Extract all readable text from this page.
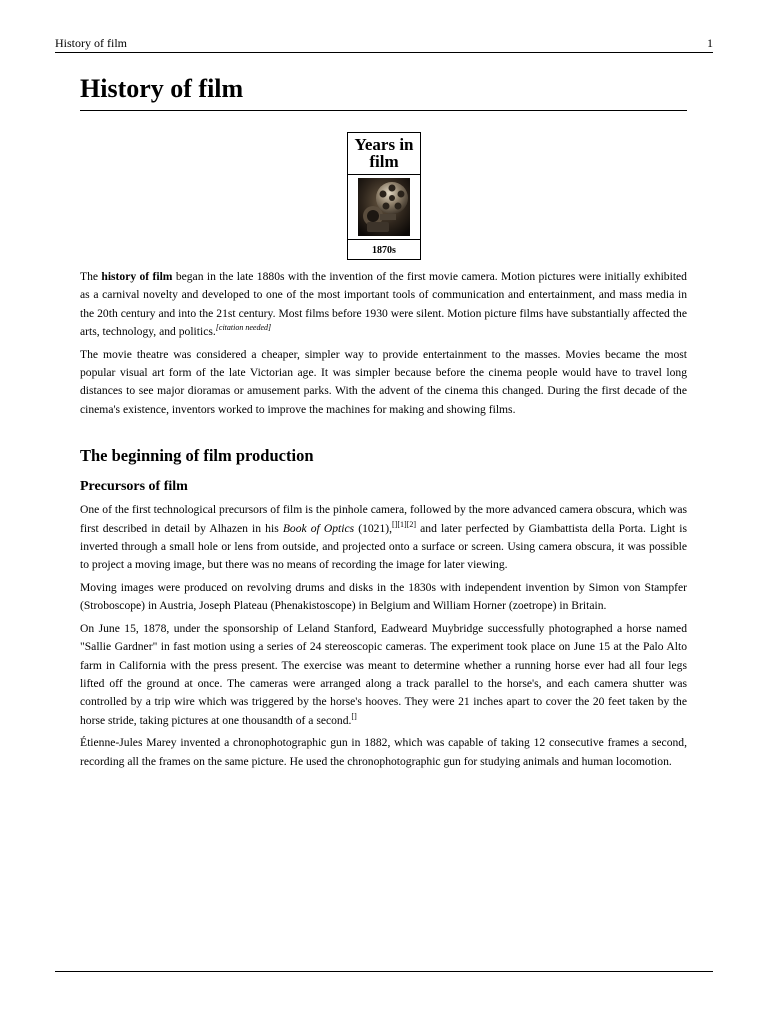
History of film	1
History of film
Years in film
1870s

The history of film began in the late 1880s with the invention of the first movie camera. Motion pictures were initially exhibited as a carnival novelty and developed to one of the most important tools of communication and entertainment, and mass media in the 20th century and into the 21st century. Most films before 1930 were silent. Motion picture films have substantially affected the arts, technology, and politics.[citation needed]

The movie theatre was considered a cheaper, simpler way to provide entertainment to the masses. Movies became the most popular visual art form of the late Victorian age. It was simpler because before the cinema people would have to travel long distances to see major dioramas or amusement parks. With the advent of the cinema this changed. During the first decade of the cinema's existence, inventors worked to improve the machines for making and showing films.

The beginning of film production
Precursors of film

One of the first technological precursors of film is the pinhole camera, followed by the more advanced camera obscura, which was first described in detail by Alhazen in his Book of Optics (1021),[][1][2] and later perfected by Giambattista della Porta. Light is inverted through a small hole or lens from outside, and projected onto a surface or screen. Using camera obscura, it was possible to project a moving image, but there was no means of recording the image for later viewing.

Moving images were produced on revolving drums and disks in the 1830s with independent invention by Simon von Stampfer (Stroboscope) in Austria, Joseph Plateau (Phenakistoscope) in Belgium and William Horner (zoetrope) in Britain.

On June 15, 1878, under the sponsorship of Leland Stanford, Eadweard Muybridge successfully photographed a horse named "Sallie Gardner" in fast motion using a series of 24 stereoscopic cameras. The experiment took place on June 15 at the Palo Alto farm in California with the press present. The exercise was meant to determine whether a running horse ever had all four legs lifted off the ground at once. The cameras were arranged along a track parallel to the horse's, and each camera shutter was controlled by a trip wire which was triggered by the horse's hooves. They were 21 inches apart to cover the 20 feet taken by the horse stride, taking pictures at one thousandth of a second.[]

Étienne-Jules Marey invented a chronophotographic gun in 1882, which was capable of taking 12 consecutive frames a second, recording all the frames on the same picture. He used the chronophotographic gun for studying animals and human locomotion.
